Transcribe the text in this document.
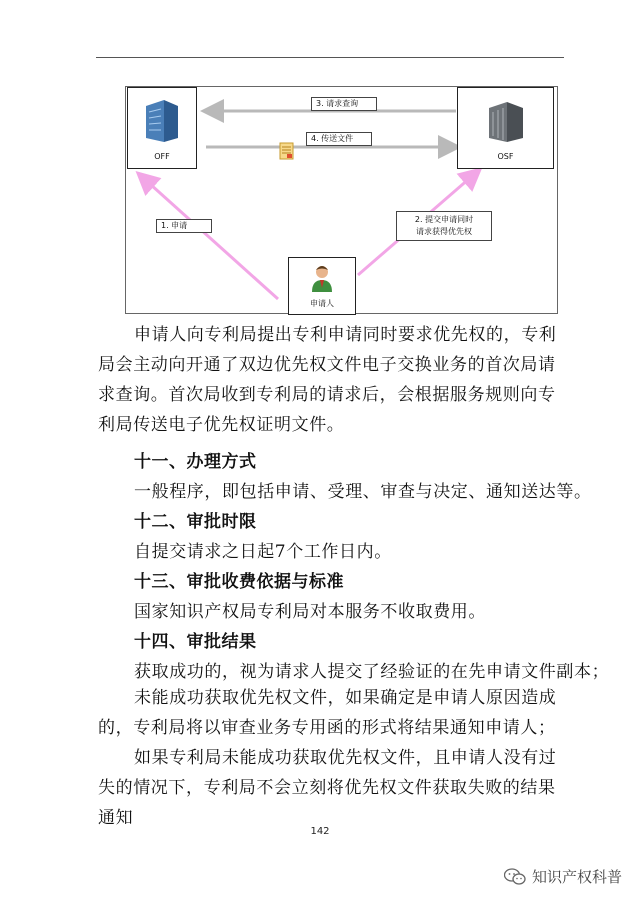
OFF	OSF
3. 请求查询
4. 传送文件
1. 申请
2. 提交申请同时
请求获得优先权
申请人

申请人向专利局提出专利申请同时要求优先权的，专利局会主动向开通了双边优先权文件电子交换业务的首次局请求查询。首次局收到专利局的请求后，会根据服务规则向专利局传送电子优先权证明文件。

十一、办理方式

一般程序，即包括申请、受理、审查与决定、通知送达等。

十二、审批时限

自提交请求之日起7个工作日内。

十三、审批收费依据与标准

国家知识产权局专利局对本服务不收取费用。

十四、审批结果

获取成功的，视为请求人提交了经验证的在先申请文件副本；

未能成功获取优先权文件，如果确定是申请人原因造成的，专利局将以审查业务专用函的形式将结果通知申请人；

如果专利局未能成功获取优先权文件，且申请人没有过失的情况下，专利局不会立刻将优先权文件获取失败的结果通知

142
知识产权科普
